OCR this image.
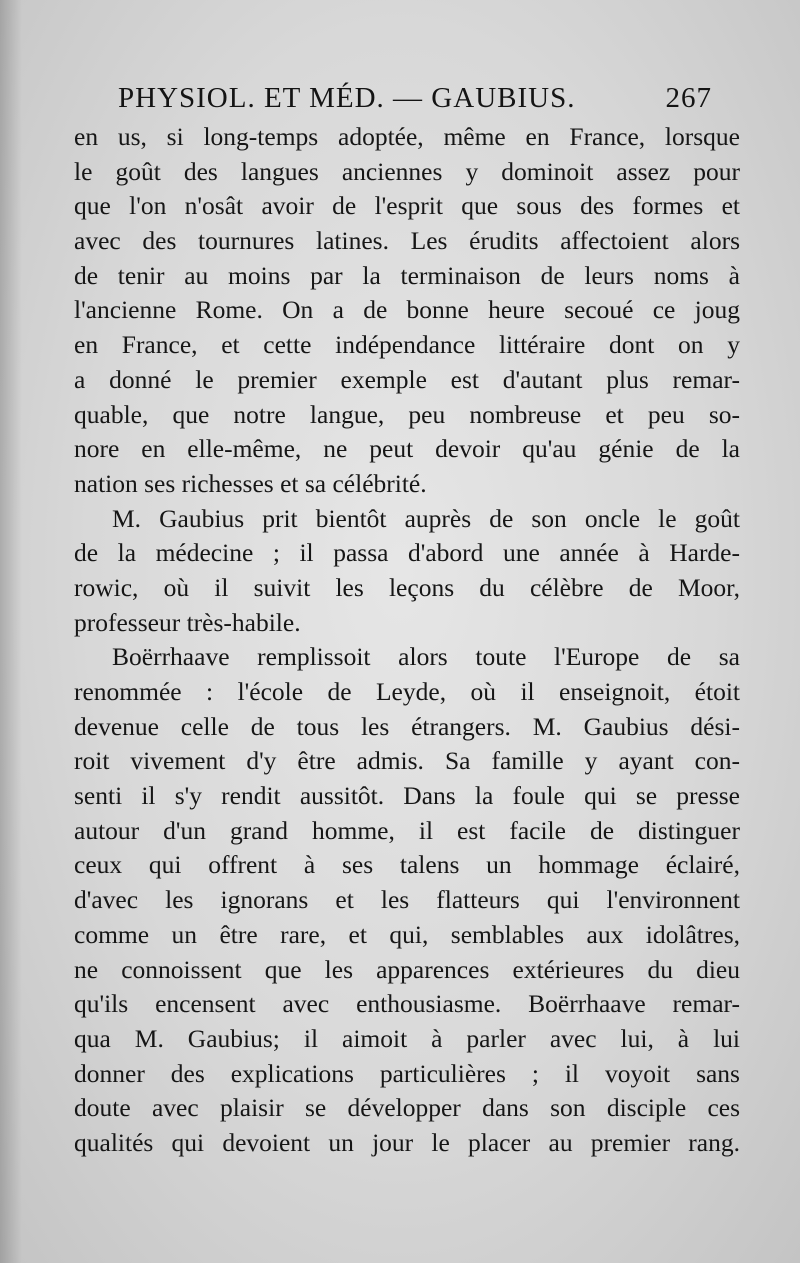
PHYSIOL. ET MÉD. — GAUBIUS.	267
en us, si long-temps adoptée, même en France, lorsque
le goût des langues anciennes y dominoit assez pour
que l'on n'osât avoir de l'esprit que sous des formes et
avec des tournures latines. Les érudits affectoient alors
de tenir au moins par la terminaison de leurs noms à
l'ancienne Rome. On a de bonne heure secoué ce joug
en France, et cette indépendance littéraire dont on y
a donné le premier exemple est d'autant plus remar-
quable, que notre langue, peu nombreuse et peu so-
nore en elle-même, ne peut devoir qu'au génie de la
nation ses richesses et sa célébrité.
M. Gaubius prit bientôt auprès de son oncle le goût
de la médecine ; il passa d'abord une année à Harde-
rowic, où il suivit les leçons du célèbre de Moor,
professeur très-habile.
Boërrhaave remplissoit alors toute l'Europe de sa
renommée : l'école de Leyde, où il enseignoit, étoit
devenue celle de tous les étrangers. M. Gaubius dési-
roit vivement d'y être admis. Sa famille y ayant con-
senti il s'y rendit aussitôt. Dans la foule qui se presse
autour d'un grand homme, il est facile de distinguer
ceux qui offrent à ses talens un hommage éclairé,
d'avec les ignorans et les flatteurs qui l'environnent
comme un être rare, et qui, semblables aux idolâtres,
ne connoissent que les apparences extérieures du dieu
qu'ils encensent avec enthousiasme. Boërrhaave remar-
qua M. Gaubius; il aimoit à parler avec lui, à lui
donner des explications particulières ; il voyoit sans
doute avec plaisir se développer dans son disciple ces
qualités qui devoient un jour le placer au premier rang.
